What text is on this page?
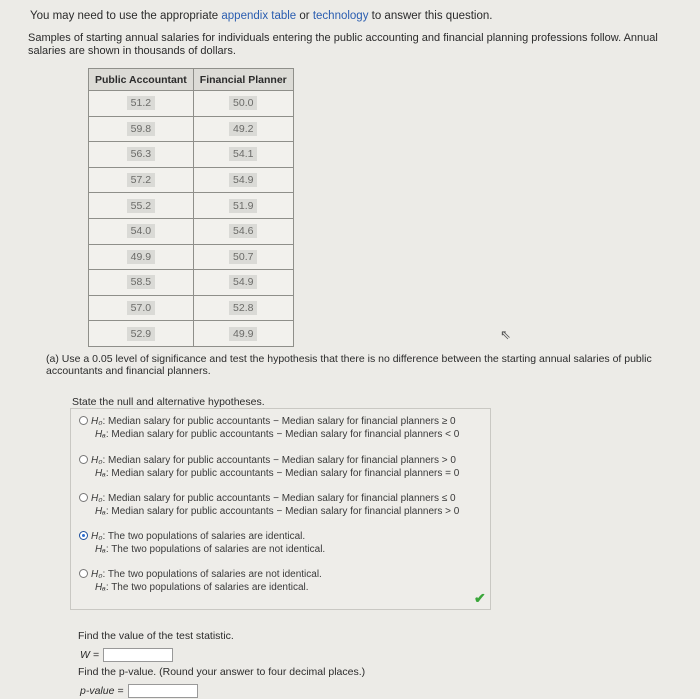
You may need to use the appropriate appendix table or technology to answer this question.
Samples of starting annual salaries for individuals entering the public accounting and financial planning professions follow. Annual salaries are shown in thousands of dollars.
Public Accountant	Financial Planner
51.2	50.0
59.8	49.2
56.3	54.1
57.2	54.9
55.2	51.9
54.0	54.6
49.9	50.7
58.5	54.9
57.0	52.8
52.9	49.9	⇖
(a) Use a 0.05 level of significance and test the hypothesis that there is no difference between the starting annual salaries of public accountants and financial planners.
State the null and alternative hypotheses.
H₀ : Median salary for public accountants − Median salary for financial planners ≥ 0
Hₐ : Median salary for public accountants − Median salary for financial planners < 0
H₀ : Median salary for public accountants − Median salary for financial planners > 0
Hₐ : Median salary for public accountants − Median salary for financial planners = 0
H₀ : Median salary for public accountants − Median salary for financial planners ≤ 0
Hₐ : Median salary for public accountants − Median salary for financial planners > 0
H₀ : The two populations of salaries are identical.
Hₐ : The two populations of salaries are not identical.
H₀ : The two populations of salaries are not identical.
Hₐ : The two populations of salaries are identical.
✔
Find the value of the test statistic.
W =
Find the p-value. (Round your answer to four decimal places.)
p-value =
